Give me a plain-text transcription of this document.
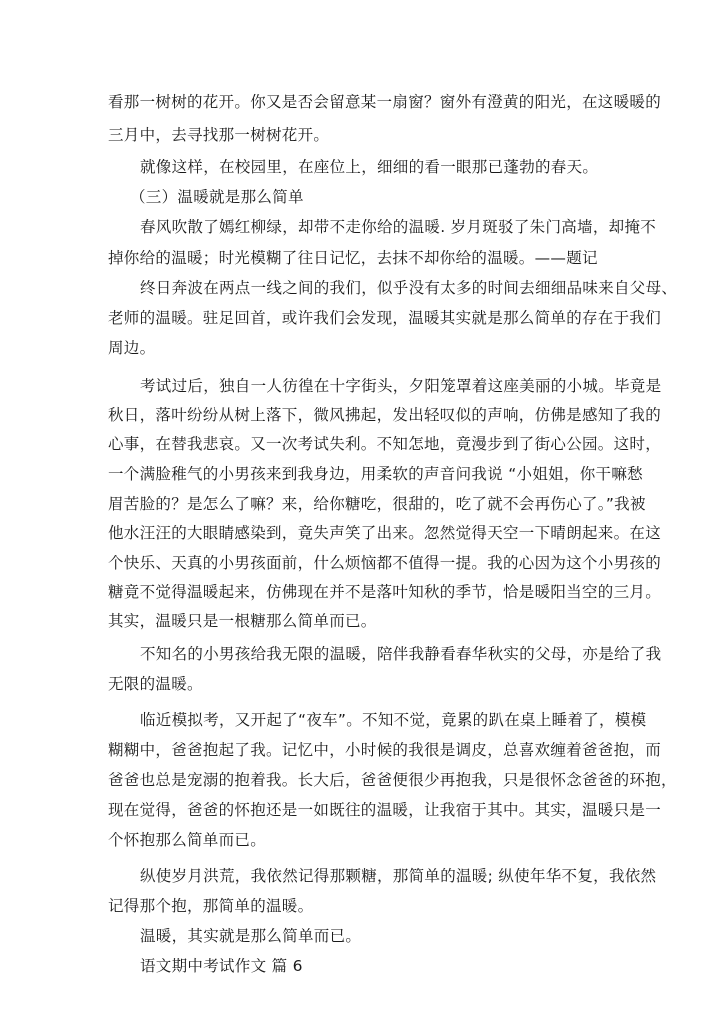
看那一树树的花开。你又是否会留意某一扇窗？窗外有澄黄的阳光，在这暖暖的
三月中，去寻找那一树树花开。
就像这样，在校园里，在座位上，细细的看一眼那已蓬勃的春天。
（三）温暖就是那么简单
春风吹散了嫣红柳绿，却带不走你给的温暖. 岁月斑驳了朱门高墙，却掩不
掉你给的温暖；时光模糊了往日记忆，去抹不却你给的温暖。——题记
终日奔波在两点一线之间的我们，似乎没有太多的时间去细细品味来自父母、
老师的温暖。驻足回首，或许我们会发现，温暖其实就是那么简单的存在于我们
周边。
考试过后，独自一人彷徨在十字街头，夕阳笼罩着这座美丽的小城。毕竟是
秋日，落叶纷纷从树上落下，微风拂起，发出轻叹似的声响，仿佛是感知了我的
心事，在替我悲哀。又一次考试失利。不知怎地，竟漫步到了街心公园。这时，
一个满脸稚气的小男孩来到我身边，用柔软的声音问我说 “小姐姐，你干嘛愁
眉苦脸的？是怎么了嘛？来，给你糖吃，很甜的，吃了就不会再伤心了。”我被
他水汪汪的大眼睛感染到，竟失声笑了出来。忽然觉得天空一下晴朗起来。在这
个快乐、天真的小男孩面前，什么烦恼都不值得一提。我的心因为这个小男孩的
糖竟不觉得温暖起来，仿佛现在并不是落叶知秋的季节，恰是暖阳当空的三月。
其实，温暖只是一根糖那么简单而已。
不知名的小男孩给我无限的温暖，陪伴我静看春华秋实的父母，亦是给了我
无限的温暖。
临近模拟考，又开起了“夜车”。不知不觉，竟累的趴在桌上睡着了，模模
糊糊中，爸爸抱起了我。记忆中，小时候的我很是调皮，总喜欢缠着爸爸抱，而
爸爸也总是宠溺的抱着我。长大后，爸爸便很少再抱我，只是很怀念爸爸的环抱，
现在觉得，爸爸的怀抱还是一如既往的温暖，让我宿于其中。其实，温暖只是一
个怀抱那么简单而已。
纵使岁月洪荒，我依然记得那颗糖，那简单的温暖; 纵使年华不复，我依然
记得那个抱，那简单的温暖。
温暖，其实就是那么简单而已。
语文期中考试作文 篇 6
